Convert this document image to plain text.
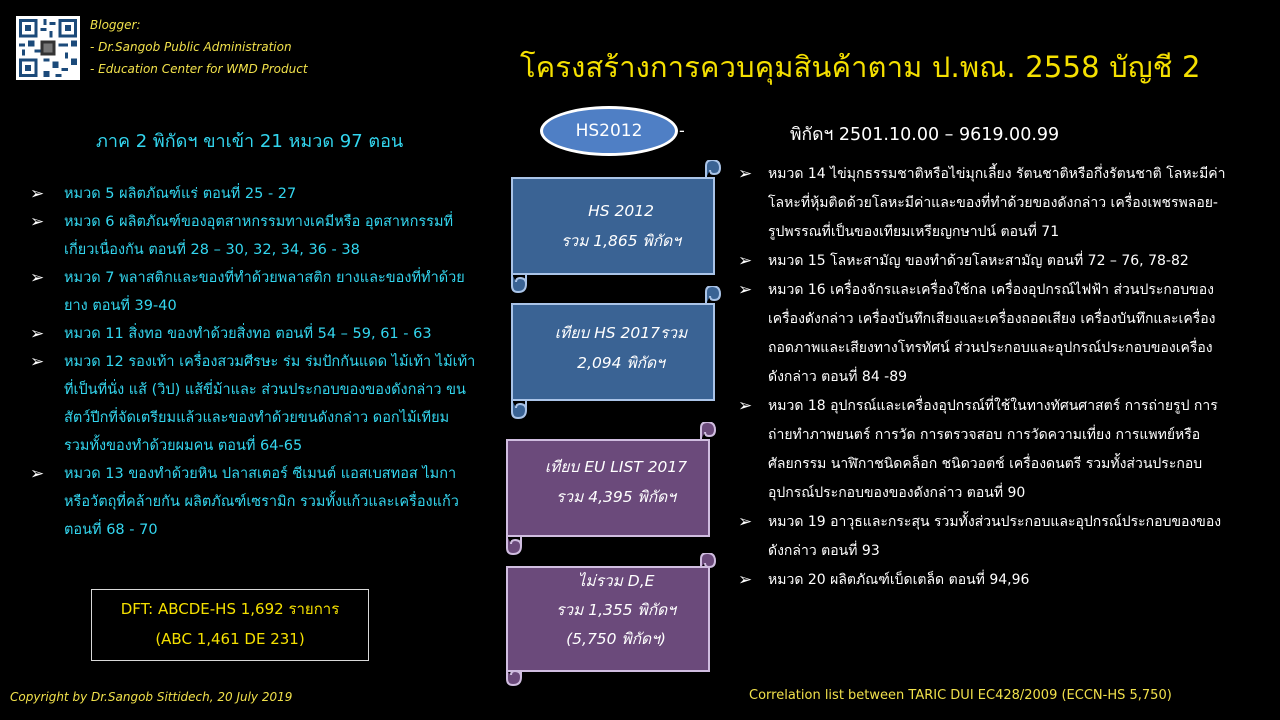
Blogger:
- Dr.Sangob Public Administration
- Education Center for WMD Product	โครงสร้างการควบคุมสินค้าตาม ป.พณ. 2558 บัญชี 2
ภาค 2 พิกัดฯ ขาเข้า 21 หมวด 97 ตอน
➢ หมวด 5 ผลิตภัณฑ์แร่ ตอนที่ 25 - 27
➢ หมวด 6 ผลิตภัณฑ์ของอุตสาหกรรมทางเคมีหรือ อุตสาหกรรมที่เกี่ยวเนื่องกัน ตอนที่ 28 – 30, 32, 34, 36 - 38
➢ หมวด 7 พลาสติกและของที่ทำด้วยพลาสติก ยางและของที่ทำด้วยยาง ตอนที่ 39-40
➢ หมวด 11 สิ่งทอ ของทำด้วยสิ่งทอ ตอนที่ 54 – 59, 61 - 63
➢ หมวด 12 รองเท้า เครื่องสวมศีรษะ ร่ม ร่มปักกันแดด ไม้เท้า ไม้เท้าที่เป็นที่นั่ง แส้ (วิป) แส้ขี่ม้าและ ส่วนประกอบของของดังกล่าว ขนสัตว์ปีกที่จัดเตรียมแล้วและของทำด้วยขนดังกล่าว ดอกไม้เทียม รวมทั้งของทำด้วยผมคน ตอนที่ 64-65
➢ หมวด 13 ของทำด้วยหิน ปลาสเตอร์ ซีเมนต์ แอสเบสทอส ไมกาหรือวัตถุที่คล้ายกัน ผลิตภัณฑ์เซรามิก รวมทั้งแก้วและเครื่องแก้ว ตอนที่ 68 - 70
DFT: ABCDE-HS 1,692 รายการ
(ABC 1,461 DE 231)
Copyright by Dr.Sangob Sittidech, 20 July 2019
HS2012	-
HS 2012
รวม 1,865 พิกัดฯ
เทียบ HS 2017รวม
2,094 พิกัดฯ
เทียบ EU LIST 2017
รวม 4,395 พิกัดฯ
ไม่รวม D,E
รวม 1,355 พิกัดฯ
(5,750 พิกัดฯ)
พิกัดฯ 2501.10.00 – 9619.00.99
➢ หมวด 14 ไข่มุกธรรมชาติหรือไข่มุกเลี้ยง รัตนชาติหรือกึ่งรัตนชาติ โลหะมีค่า โลหะที่หุ้มติดด้วยโลหะมีค่าและของที่ทำด้วยของดังกล่าว เครื่องเพชรพลอย-รูปพรรณที่เป็นของเทียมเหรียญกษาปน์ ตอนที่ 71
➢ หมวด 15 โลหะสามัญ ของทำด้วยโลหะสามัญ ตอนที่ 72 – 76, 78-82
➢ หมวด 16 เครื่องจักรและเครื่องใช้กล เครื่องอุปกรณ์ไฟฟ้า ส่วนประกอบของเครื่องดังกล่าว เครื่องบันทึกเสียงและเครื่องถอดเสียง เครื่องบันทึกและเครื่องถอดภาพและเสียงทางโทรทัศน์ ส่วนประกอบและอุปกรณ์ประกอบของเครื่องดังกล่าว ตอนที่ 84 -89
➢ หมวด 18 อุปกรณ์และเครื่องอุปกรณ์ที่ใช้ในทางทัศนศาสตร์ การถ่ายรูป การถ่ายทำภาพยนตร์ การวัด การตรวจสอบ การวัดความเที่ยง การแพทย์หรือศัลยกรรม นาฬิกาชนิดคล็อก ชนิดวอตช์ เครื่องดนตรี รวมทั้งส่วนประกอบ อุปกรณ์ประกอบของของดังกล่าว ตอนที่ 90
➢ หมวด 19 อาวุธและกระสุน รวมทั้งส่วนประกอบและอุปกรณ์ประกอบของของดังกล่าว ตอนที่ 93
➢ หมวด 20 ผลิตภัณฑ์เบ็ดเตล็ด ตอนที่ 94,96
Correlation list between TARIC DUI EC428/2009 (ECCN-HS 5,750)
